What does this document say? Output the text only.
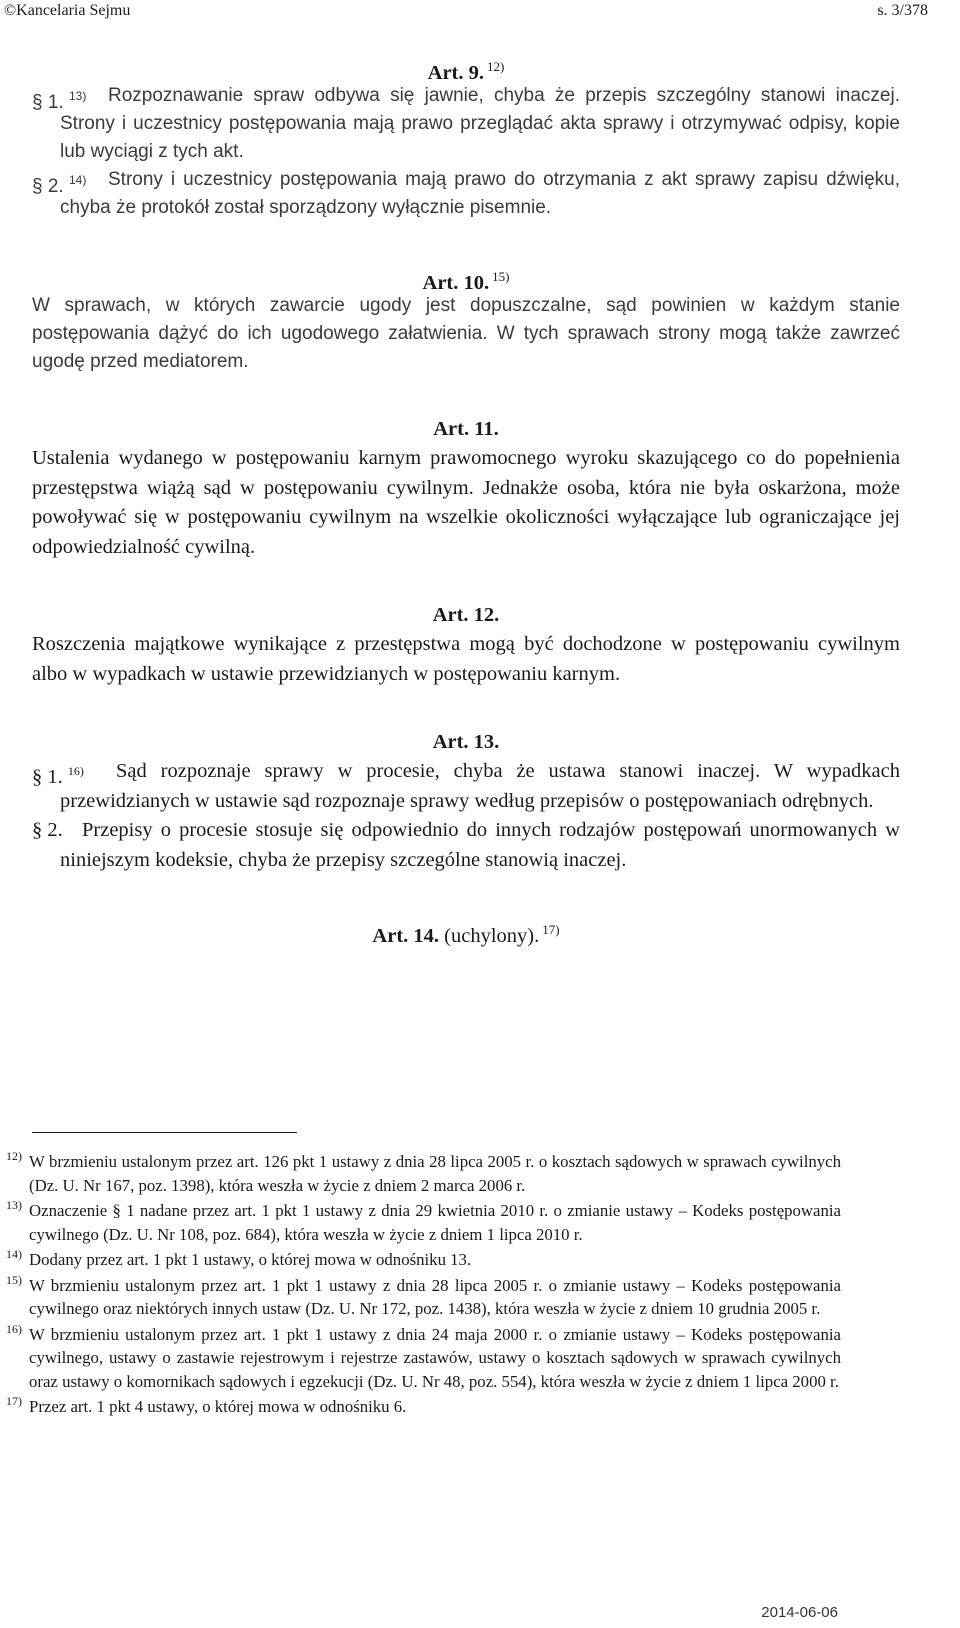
©Kancelaria Sejmu	s. 3/378
Art. 9. $^{12)}$
§ 1. $^{13)}$ Rozpoznawanie spraw odbywa się jawnie, chyba że przepis szczególny stanowi inaczej. Strony i uczestnicy postępowania mają prawo przeglądać akta sprawy i otrzymywać odpisy, kopie lub wyciągi z tych akt.
§ 2. $^{14)}$ Strony i uczestnicy postępowania mają prawo do otrzymania z akt sprawy zapisu dźwięku, chyba że protokół został sporządzony wyłącznie pisemnie.
Art. 10. $^{15)}$
W sprawach, w których zawarcie ugody jest dopuszczalne, sąd powinien w każdym stanie postępowania dążyć do ich ugodowego załatwienia. W tych sprawach strony mogą także zawrzeć ugodę przed mediatorem.
Art. 11.
Ustalenia wydanego w postępowaniu karnym prawomocnego wyroku skazującego co do popełnienia przestępstwa wiążą sąd w postępowaniu cywilnym. Jednakże osoba, która nie była oskarżona, może powoływać się w postępowaniu cywilnym na wszelkie okoliczności wyłączające lub ograniczające jej odpowiedzialność cywilną.
Art. 12.
Roszczenia majątkowe wynikające z przestępstwa mogą być dochodzone w postępowaniu cywilnym albo w wypadkach w ustawie przewidzianych w postępowaniu karnym.
Art. 13.
§ 1. $^{16)}$ Sąd rozpoznaje sprawy w procesie, chyba że ustawa stanowi inaczej. W wypadkach przewidzianych w ustawie sąd rozpoznaje sprawy według przepisów o postępowaniach odrębnych.
§ 2. Przepisy o procesie stosuje się odpowiednio do innych rodzajów postępowań unormowanych w niniejszym kodeksie, chyba że przepisy szczególne stanowią inaczej.
Art. 14. (uchylony). $^{17)}$
12) W brzmieniu ustalonym przez art. 126 pkt 1 ustawy z dnia 28 lipca 2005 r. o kosztach sądowych w sprawach cywilnych (Dz. U. Nr 167, poz. 1398), która weszła w życie z dniem 2 marca 2006 r.
13) Oznaczenie § 1 nadane przez art. 1 pkt 1 ustawy z dnia 29 kwietnia 2010 r. o zmianie ustawy – Kodeks postępowania cywilnego (Dz. U. Nr 108, poz. 684), która weszła w życie z dniem 1 lipca 2010 r.
14) Dodany przez art. 1 pkt 1 ustawy, o której mowa w odnośniku 13.
15) W brzmieniu ustalonym przez art. 1 pkt 1 ustawy z dnia 28 lipca 2005 r. o zmianie ustawy – Kodeks postępowania cywilnego oraz niektórych innych ustaw (Dz. U. Nr 172, poz. 1438), która weszła w życie z dniem 10 grudnia 2005 r.
16) W brzmieniu ustalonym przez art. 1 pkt 1 ustawy z dnia 24 maja 2000 r. o zmianie ustawy – Kodeks postępowania cywilnego, ustawy o zastawie rejestrowym i rejestrze zastawów, ustawy o kosztach sądowych w sprawach cywilnych oraz ustawy o komornikach sądowych i egzekucji (Dz. U. Nr 48, poz. 554), która weszła w życie z dniem 1 lipca 2000 r.
17) Przez art. 1 pkt 4 ustawy, o której mowa w odnośniku 6.
2014-06-06
